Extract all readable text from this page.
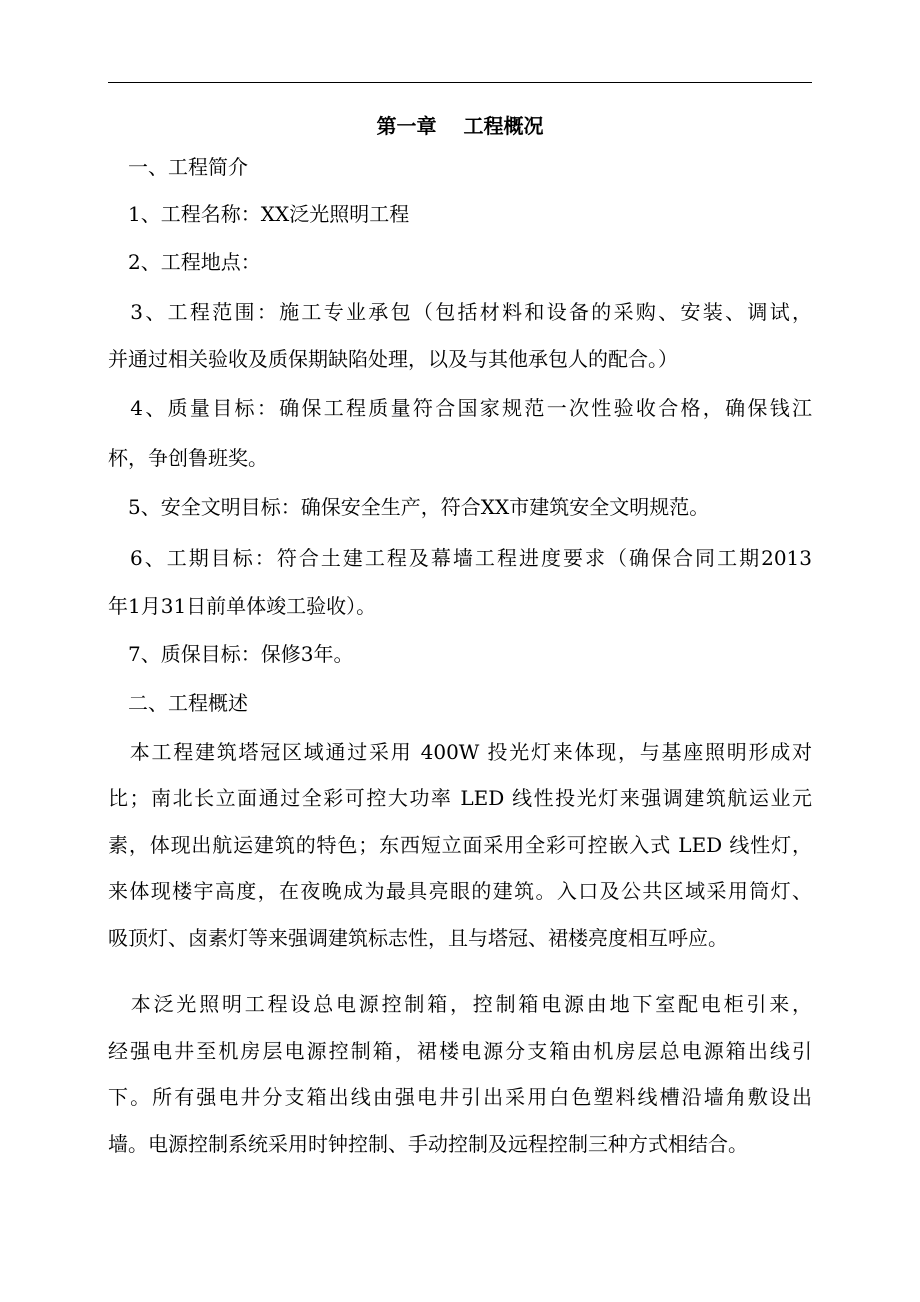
第一章　 工程概况
　一、工程简介
　1、工程名称：XX泛光照明工程
　2、工程地点：
　3、工程范围：施工专业承包（包括材料和设备的采购、安装、调试，
并通过相关验收及质保期缺陷处理，以及与其他承包人的配合。）
　4、质量目标：确保工程质量符合国家规范一次性验收合格，确保钱江
杯，争创鲁班奖。
　5、安全文明目标：确保安全生产，符合XX市建筑安全文明规范。
　6、工期目标：符合土建工程及幕墙工程进度要求（确保合同工期2013
年1月31日前单体竣工验收）。
　7、质保目标：保修3年。
　二、工程概述
　本工程建筑塔冠区域通过采用 400W 投光灯来体现，与基座照明形成对
比；南北长立面通过全彩可控大功率 LED 线性投光灯来强调建筑航运业元
素，体现出航运建筑的特色；东西短立面采用全彩可控嵌入式 LED 线性灯，
来体现楼宇高度，在夜晚成为最具亮眼的建筑。入口及公共区域采用筒灯、
吸顶灯、卤素灯等来强调建筑标志性，且与塔冠、裙楼亮度相互呼应。
　本泛光照明工程设总电源控制箱，控制箱电源由地下室配电柜引来，
经强电井至机房层电源控制箱，裙楼电源分支箱由机房层总电源箱出线引
下。所有强电井分支箱出线由强电井引出采用白色塑料线槽沿墙角敷设出
墙。电源控制系统采用时钟控制、手动控制及远程控制三种方式相结合。
